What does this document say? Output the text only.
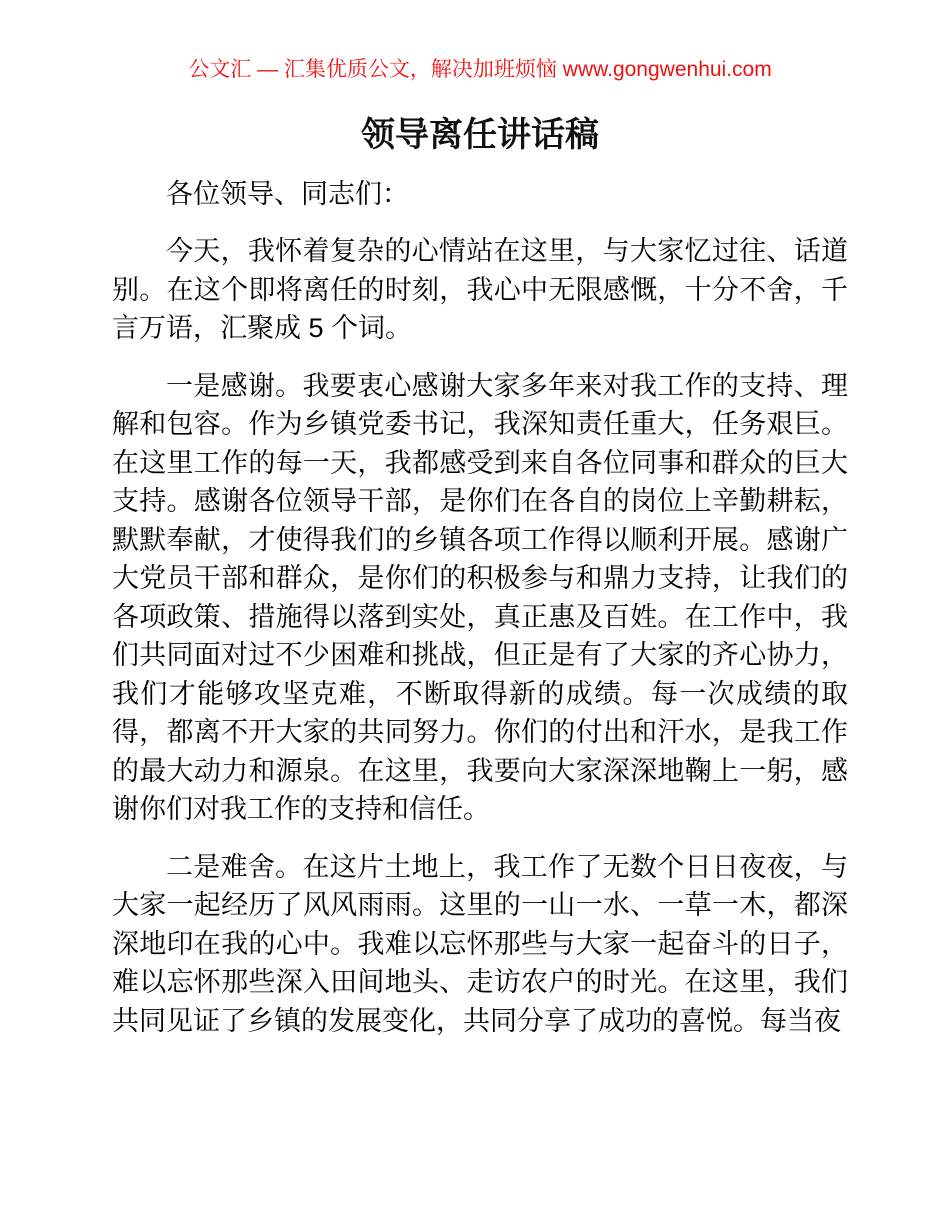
公文汇 — 汇集优质公文，解决加班烦恼 www.gongwenhui.com
领导离任讲话稿

各位领导、同志们：

今天，我怀着复杂的心情站在这里，与大家忆过往、话道别。在这个即将离任的时刻，我心中无限感慨，十分不舍，千言万语，汇聚成 5 个词。

一是感谢。我要衷心感谢大家多年来对我工作的支持、理解和包容。作为乡镇党委书记，我深知责任重大，任务艰巨。在这里工作的每一天，我都感受到来自各位同事和群众的巨大支持。感谢各位领导干部，是你们在各自的岗位上辛勤耕耘，默默奉献，才使得我们的乡镇各项工作得以顺利开展。感谢广大党员干部和群众，是你们的积极参与和鼎力支持，让我们的各项政策、措施得以落到实处，真正惠及百姓。在工作中，我们共同面对过不少困难和挑战，但正是有了大家的齐心协力，我们才能够攻坚克难，不断取得新的成绩。每一次成绩的取得，都离不开大家的共同努力。你们的付出和汗水，是我工作的最大动力和源泉。在这里，我要向大家深深地鞠上一躬，感谢你们对我工作的支持和信任。

二是难舍。在这片土地上，我工作了无数个日日夜夜，与大家一起经历了风风雨雨。这里的一山一水、一草一木，都深深地印在我的心中。我难以忘怀那些与大家一起奋斗的日子，难以忘怀那些深入田间地头、走访农户的时光。在这里，我们共同见证了乡镇的发展变化，共同分享了成功的喜悦。每当夜
